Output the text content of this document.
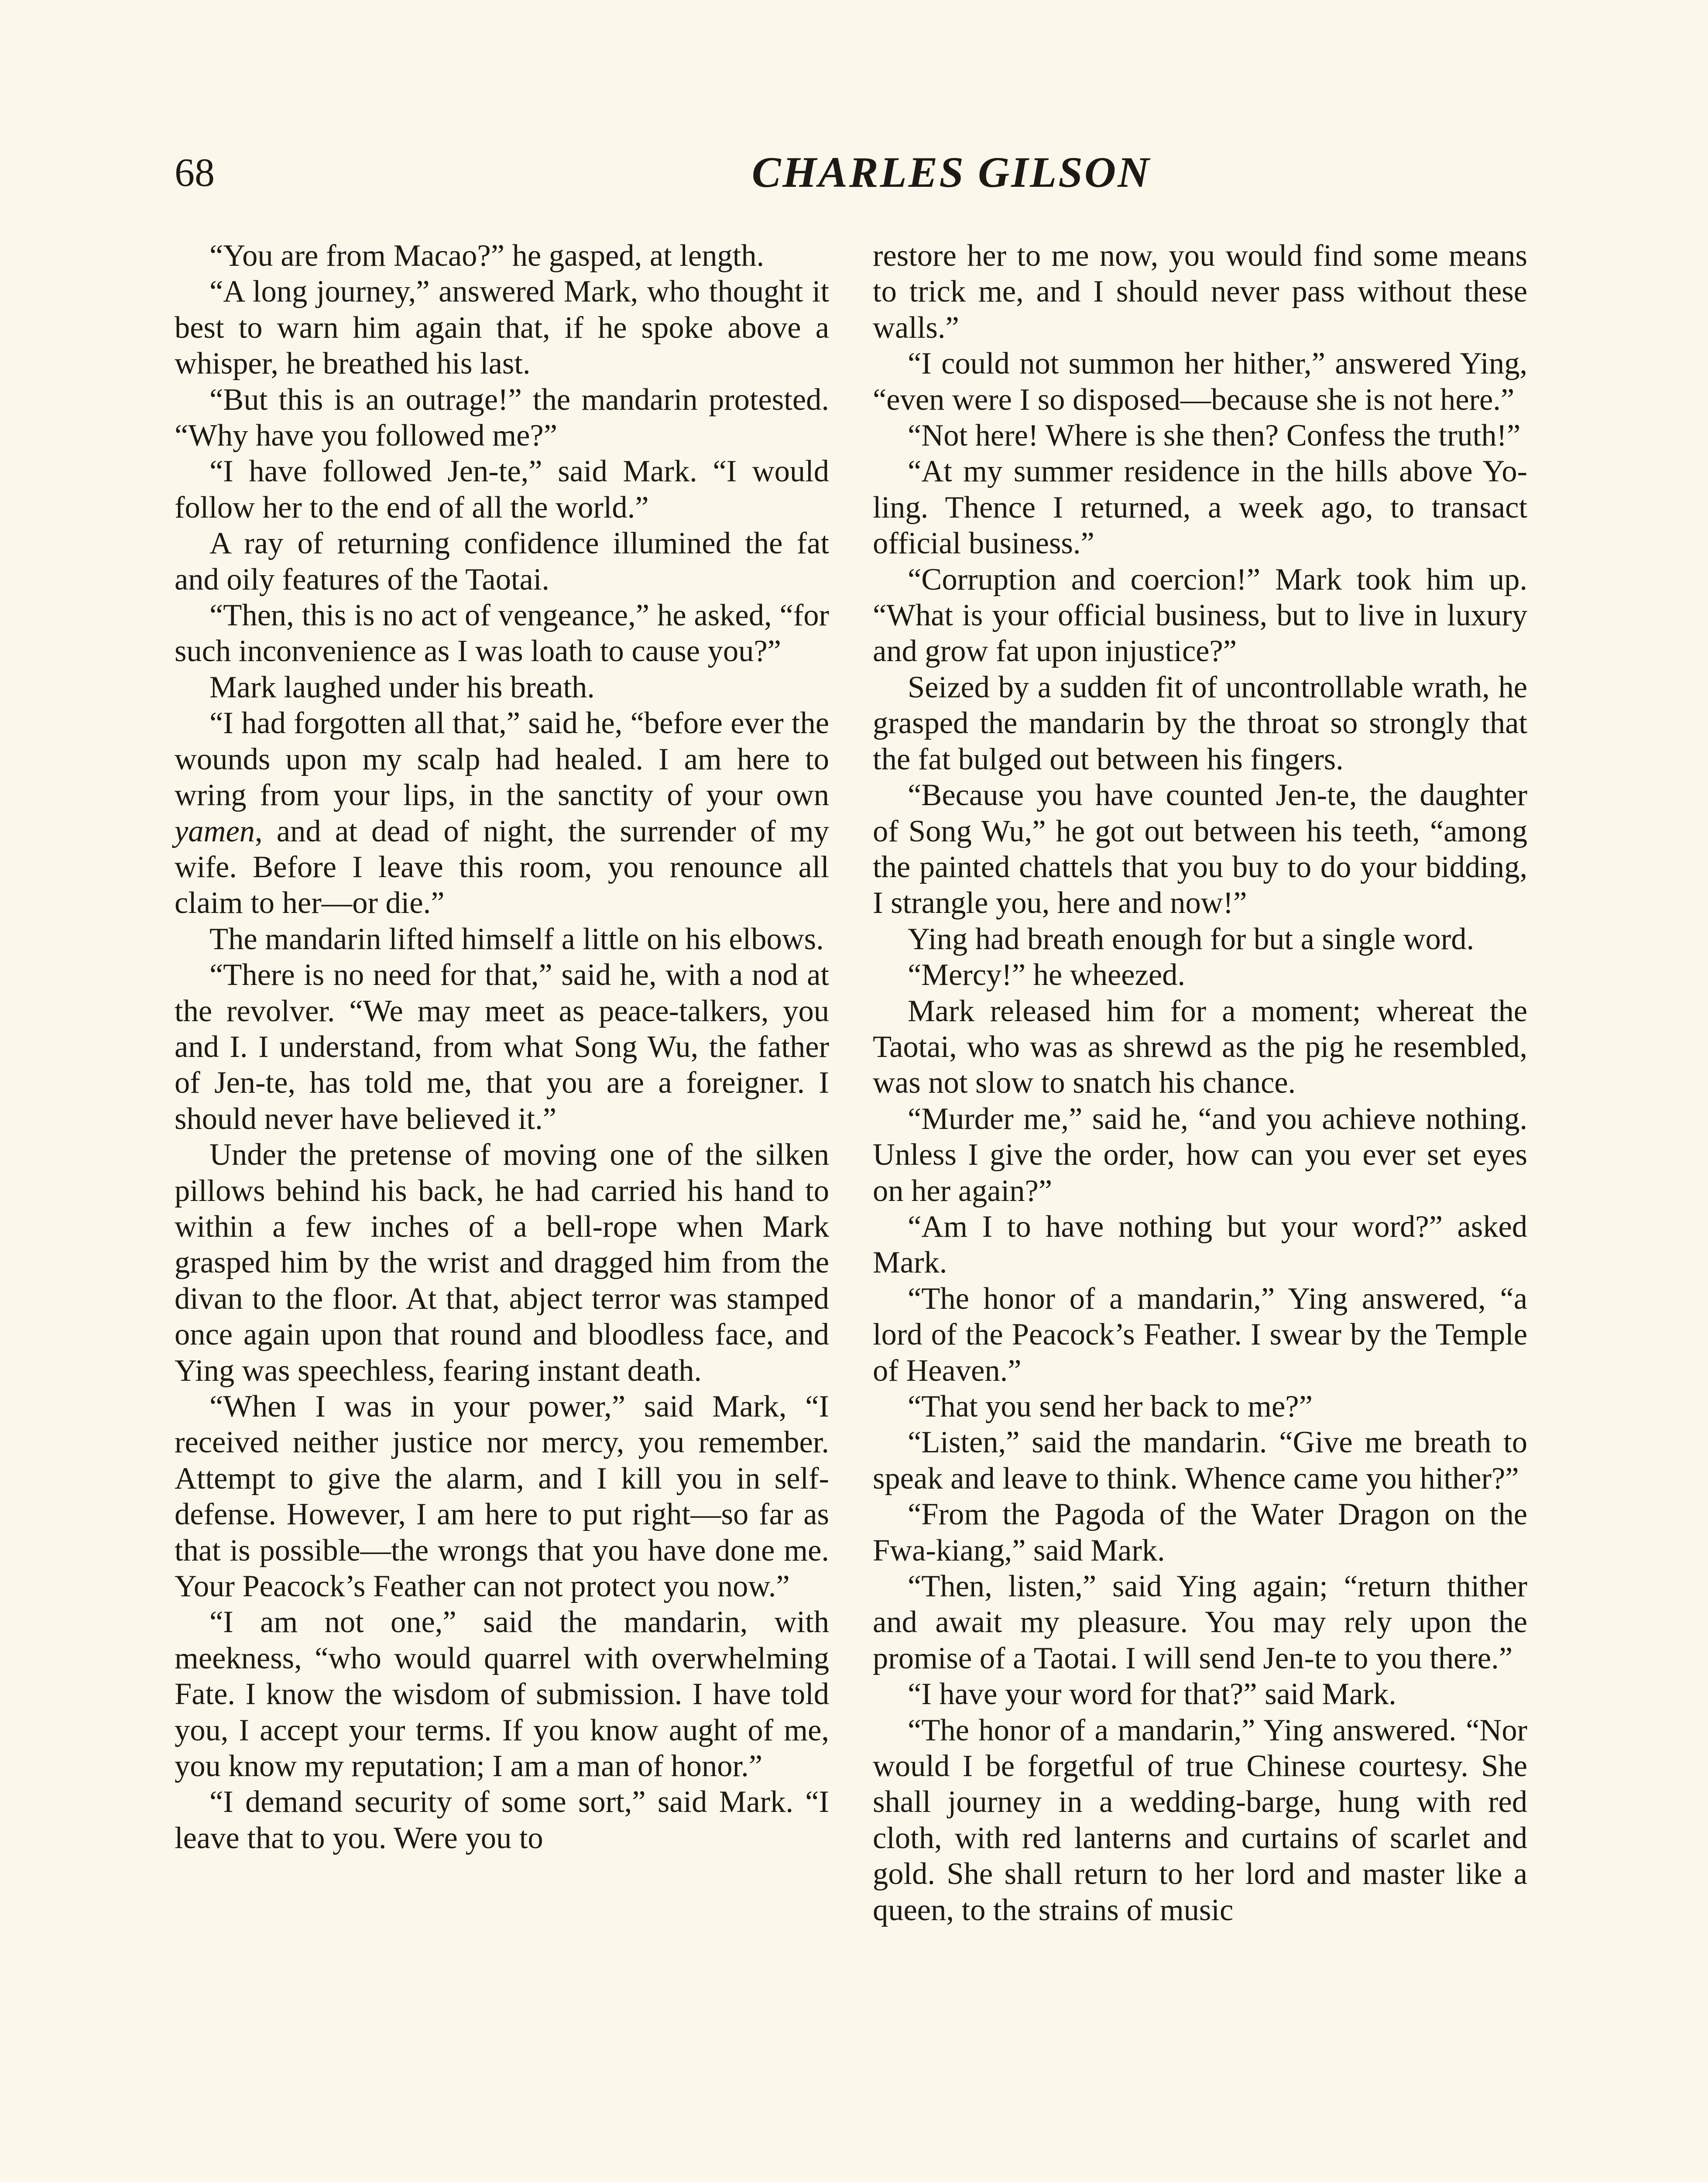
68	CHARLES GILSON

“You are from Macao?” he gasped, at length.

“A long journey,” answered Mark, who thought it best to warn him again that, if he spoke above a whisper, he breathed his last.

“But this is an outrage!” the mandarin protested. “Why have you followed me?”

“I have followed Jen-te,” said Mark. “I would follow her to the end of all the world.”

A ray of returning confidence illumined the fat and oily features of the Taotai.

“Then, this is no act of vengeance,” he asked, “for such inconvenience as I was loath to cause you?”

Mark laughed under his breath.

“I had forgotten all that,” said he, “before ever the wounds upon my scalp had healed. I am here to wring from your lips, in the sanctity of your own yamen, and at dead of night, the surrender of my wife. Before I leave this room, you renounce all claim to her—or die.”

The mandarin lifted himself a little on his elbows.

“There is no need for that,” said he, with a nod at the revolver. “We may meet as peace-talkers, you and I. I understand, from what Song Wu, the father of Jen-te, has told me, that you are a foreigner. I should never have believed it.”

Under the pretense of moving one of the silken pillows behind his back, he had carried his hand to within a few inches of a bell-rope when Mark grasped him by the wrist and dragged him from the divan to the floor. At that, abject terror was stamped once again upon that round and bloodless face, and Ying was speechless, fearing instant death.

“When I was in your power,” said Mark, “I received neither justice nor mercy, you remember. Attempt to give the alarm, and I kill you in self-defense. However, I am here to put right—so far as that is possible—the wrongs that you have done me. Your Peacock’s Feather can not protect you now.”

“I am not one,” said the mandarin, with meekness, “who would quarrel with overwhelming Fate. I know the wisdom of submission. I have told you, I accept your terms. If you know aught of me, you know my reputation; I am a man of honor.”

“I demand security of some sort,” said Mark. “I leave that to you. Were you to

restore her to me now, you would find some means to trick me, and I should never pass without these walls.”

“I could not summon her hither,” answered Ying, “even were I so disposed—because she is not here.”

“Not here! Where is she then? Confess the truth!”

“At my summer residence in the hills above Yo-ling. Thence I returned, a week ago, to transact official business.”

“Corruption and coercion!” Mark took him up. “What is your official business, but to live in luxury and grow fat upon injustice?”

Seized by a sudden fit of uncontrollable wrath, he grasped the mandarin by the throat so strongly that the fat bulged out between his fingers.

“Because you have counted Jen-te, the daughter of Song Wu,” he got out between his teeth, “among the painted chattels that you buy to do your bidding, I strangle you, here and now!”

Ying had breath enough for but a single word.

“Mercy!” he wheezed.

Mark released him for a moment; whereat the Taotai, who was as shrewd as the pig he resembled, was not slow to snatch his chance.

“Murder me,” said he, “and you achieve nothing. Unless I give the order, how can you ever set eyes on her again?”

“Am I to have nothing but your word?” asked Mark.

“The honor of a mandarin,” Ying answered, “a lord of the Peacock’s Feather. I swear by the Temple of Heaven.”

“That you send her back to me?”

“Listen,” said the mandarin. “Give me breath to speak and leave to think. Whence came you hither?”

“From the Pagoda of the Water Dragon on the Fwa-kiang,” said Mark.

“Then, listen,” said Ying again; “return thither and await my pleasure. You may rely upon the promise of a Taotai. I will send Jen-te to you there.”

“I have your word for that?” said Mark.

“The honor of a mandarin,” Ying answered. “Nor would I be forgetful of true Chinese courtesy. She shall journey in a wedding-barge, hung with red cloth, with red lanterns and curtains of scarlet and gold. She shall return to her lord and master like a queen, to the strains of music
